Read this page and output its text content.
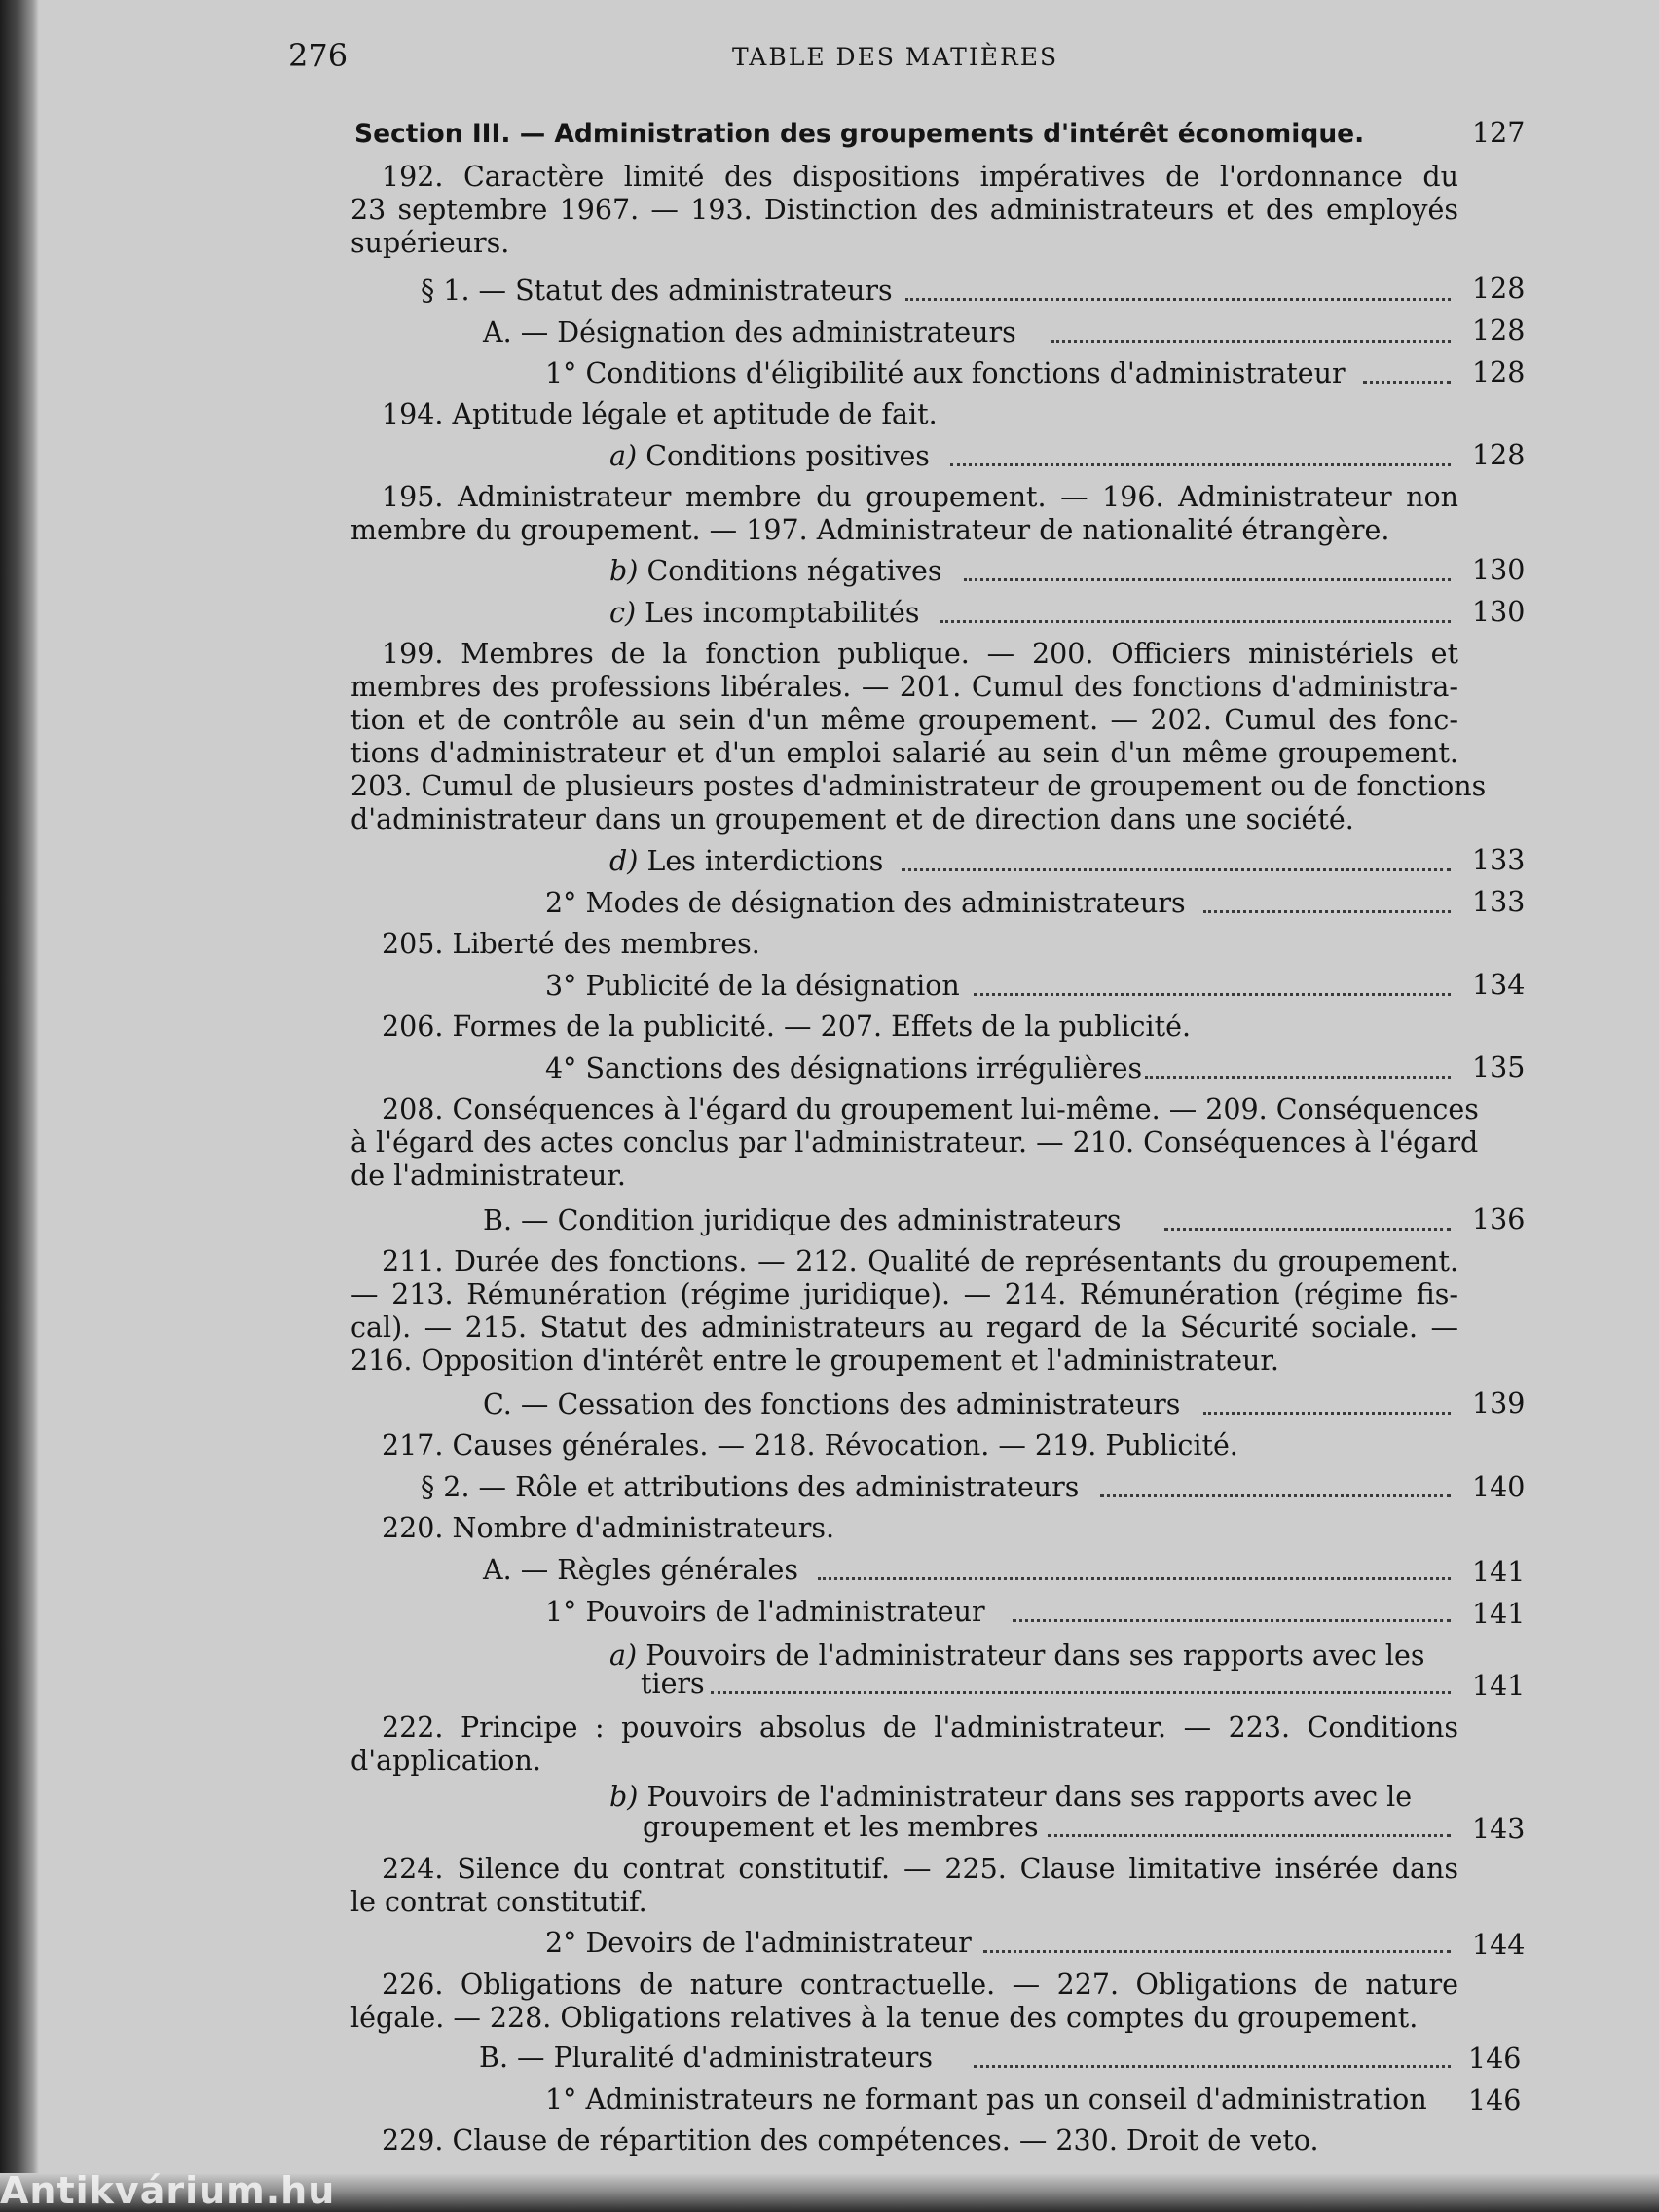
276	TABLE DES MATIÈRES
Section III. — Administration des groupements d'intérêt économique.	127
192. Caractère limité des dispositions impératives de l'ordonnance du
23 septembre 1967. — 193. Distinction des administrateurs et des employés
supérieurs.
§ 1. — Statut des administrateurs	128
A. — Désignation des administrateurs	128
1° Conditions d'éligibilité aux fonctions d'administrateur	128
194. Aptitude légale et aptitude de fait.
a) Conditions positives	128
195. Administrateur membre du groupement. — 196. Administrateur non
membre du groupement. — 197. Administrateur de nationalité étrangère.
b) Conditions négatives	130
c) Les incomptabilités	130
199. Membres de la fonction publique. — 200. Officiers ministériels et
membres des professions libérales. — 201. Cumul des fonctions d'administra-
tion et de contrôle au sein d'un même groupement. — 202. Cumul des fonc-
tions d'administrateur et d'un emploi salarié au sein d'un même groupement.
203. Cumul de plusieurs postes d'administrateur de groupement ou de fonctions
d'administrateur dans un groupement et de direction dans une société.
d) Les interdictions	133
2° Modes de désignation des administrateurs	133
205. Liberté des membres.
3° Publicité de la désignation	134
206. Formes de la publicité. — 207. Effets de la publicité.
4° Sanctions des désignations irrégulières	135
208. Conséquences à l'égard du groupement lui-même. — 209. Conséquences
à l'égard des actes conclus par l'administrateur. — 210. Conséquences à l'égard
de l'administrateur.
B. — Condition juridique des administrateurs	136
211. Durée des fonctions. — 212. Qualité de représentants du groupement.
— 213. Rémunération (régime juridique). — 214. Rémunération (régime fis-
cal). — 215. Statut des administrateurs au regard de la Sécurité sociale. —
216. Opposition d'intérêt entre le groupement et l'administrateur.
C. — Cessation des fonctions des administrateurs	139
217. Causes générales. — 218. Révocation. — 219. Publicité.
§ 2. — Rôle et attributions des administrateurs	140
220. Nombre d'administrateurs.
A. — Règles générales	141
1° Pouvoirs de l'administrateur	141
a) Pouvoirs de l'administrateur dans ses rapports avec les
tiers	141
222. Principe : pouvoirs absolus de l'administrateur. — 223. Conditions
d'application.
b) Pouvoirs de l'administrateur dans ses rapports avec le
groupement et les membres	143
224. Silence du contrat constitutif. — 225. Clause limitative insérée dans
le contrat constitutif.
2° Devoirs de l'administrateur	144
226. Obligations de nature contractuelle. — 227. Obligations de nature
légale. — 228. Obligations relatives à la tenue des comptes du groupement.
B. — Pluralité d'administrateurs	146
1° Administrateurs ne formant pas un conseil d'administration 146
229. Clause de répartition des compétences. — 230. Droit de veto.
Antikvárium.hu
